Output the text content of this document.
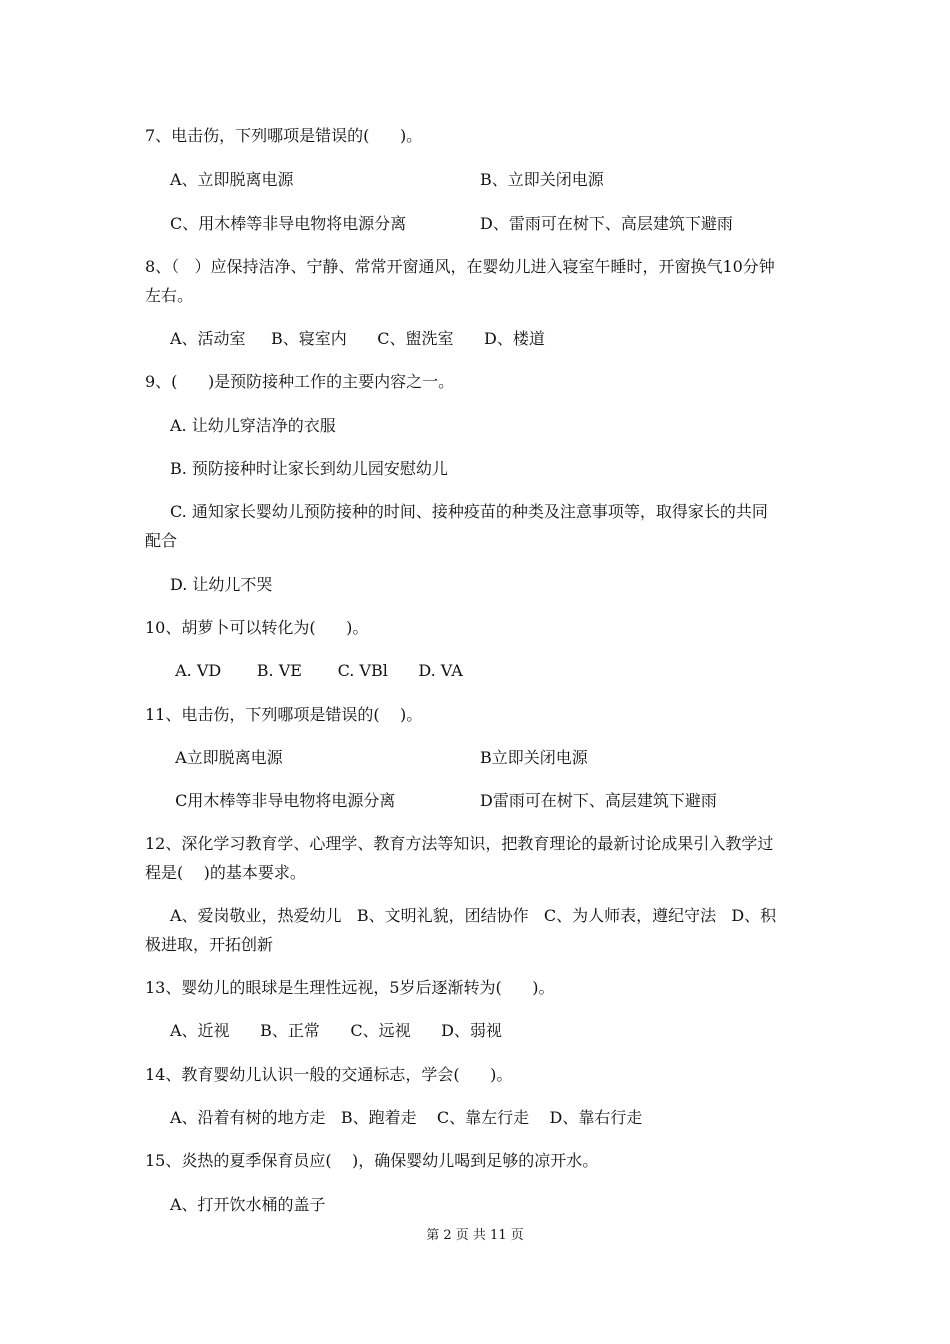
7、电击伤，下列哪项是错误的(      )。
A、立即脱离电源	B、立即关闭电源
C、用木棒等非导电物将电源分离	D、雷雨可在树下、高层建筑下避雨
8、（   ）应保持洁净、宁静、常常开窗通风，在婴幼儿进入寝室午睡时，开窗换气10分钟
左右。
A、活动室     B、寝室内      C、盥洗室      D、楼道
9、(      )是预防接种工作的主要内容之一。
A. 让幼儿穿洁净的衣服
B. 预防接种时让家长到幼儿园安慰幼儿
C. 通知家长婴幼儿预防接种的时间、接种疫苗的种类及注意事项等，取得家长的共同
配合
D. 让幼儿不哭
10、胡萝卜可以转化为(      )。
A. VD       B. VE       C. VBl      D. VA
11、电击伤，下列哪项是错误的(    )。
A立即脱离电源	B立即关闭电源
C用木棒等非导电物将电源分离	D雷雨可在树下、高层建筑下避雨
12、深化学习教育学、心理学、教育方法等知识，把教育理论的最新讨论成果引入教学过
程是(    )的基本要求。
A、爱岗敬业，热爱幼儿   B、文明礼貌，团结协作   C、为人师表，遵纪守法   D、积
极进取，开拓创新
13、婴幼儿的眼球是生理性远视，5岁后逐渐转为(      )。
A、近视      B、正常      C、远视      D、弱视
14、教育婴幼儿认识一般的交通标志，学会(      )。
A、沿着有树的地方走   B、跑着走    C、靠左行走    D、靠右行走
15、炎热的夏季保育员应(    )，确保婴幼儿喝到足够的凉开水。
A、打开饮水桶的盖子
第 2 页 共 11 页
